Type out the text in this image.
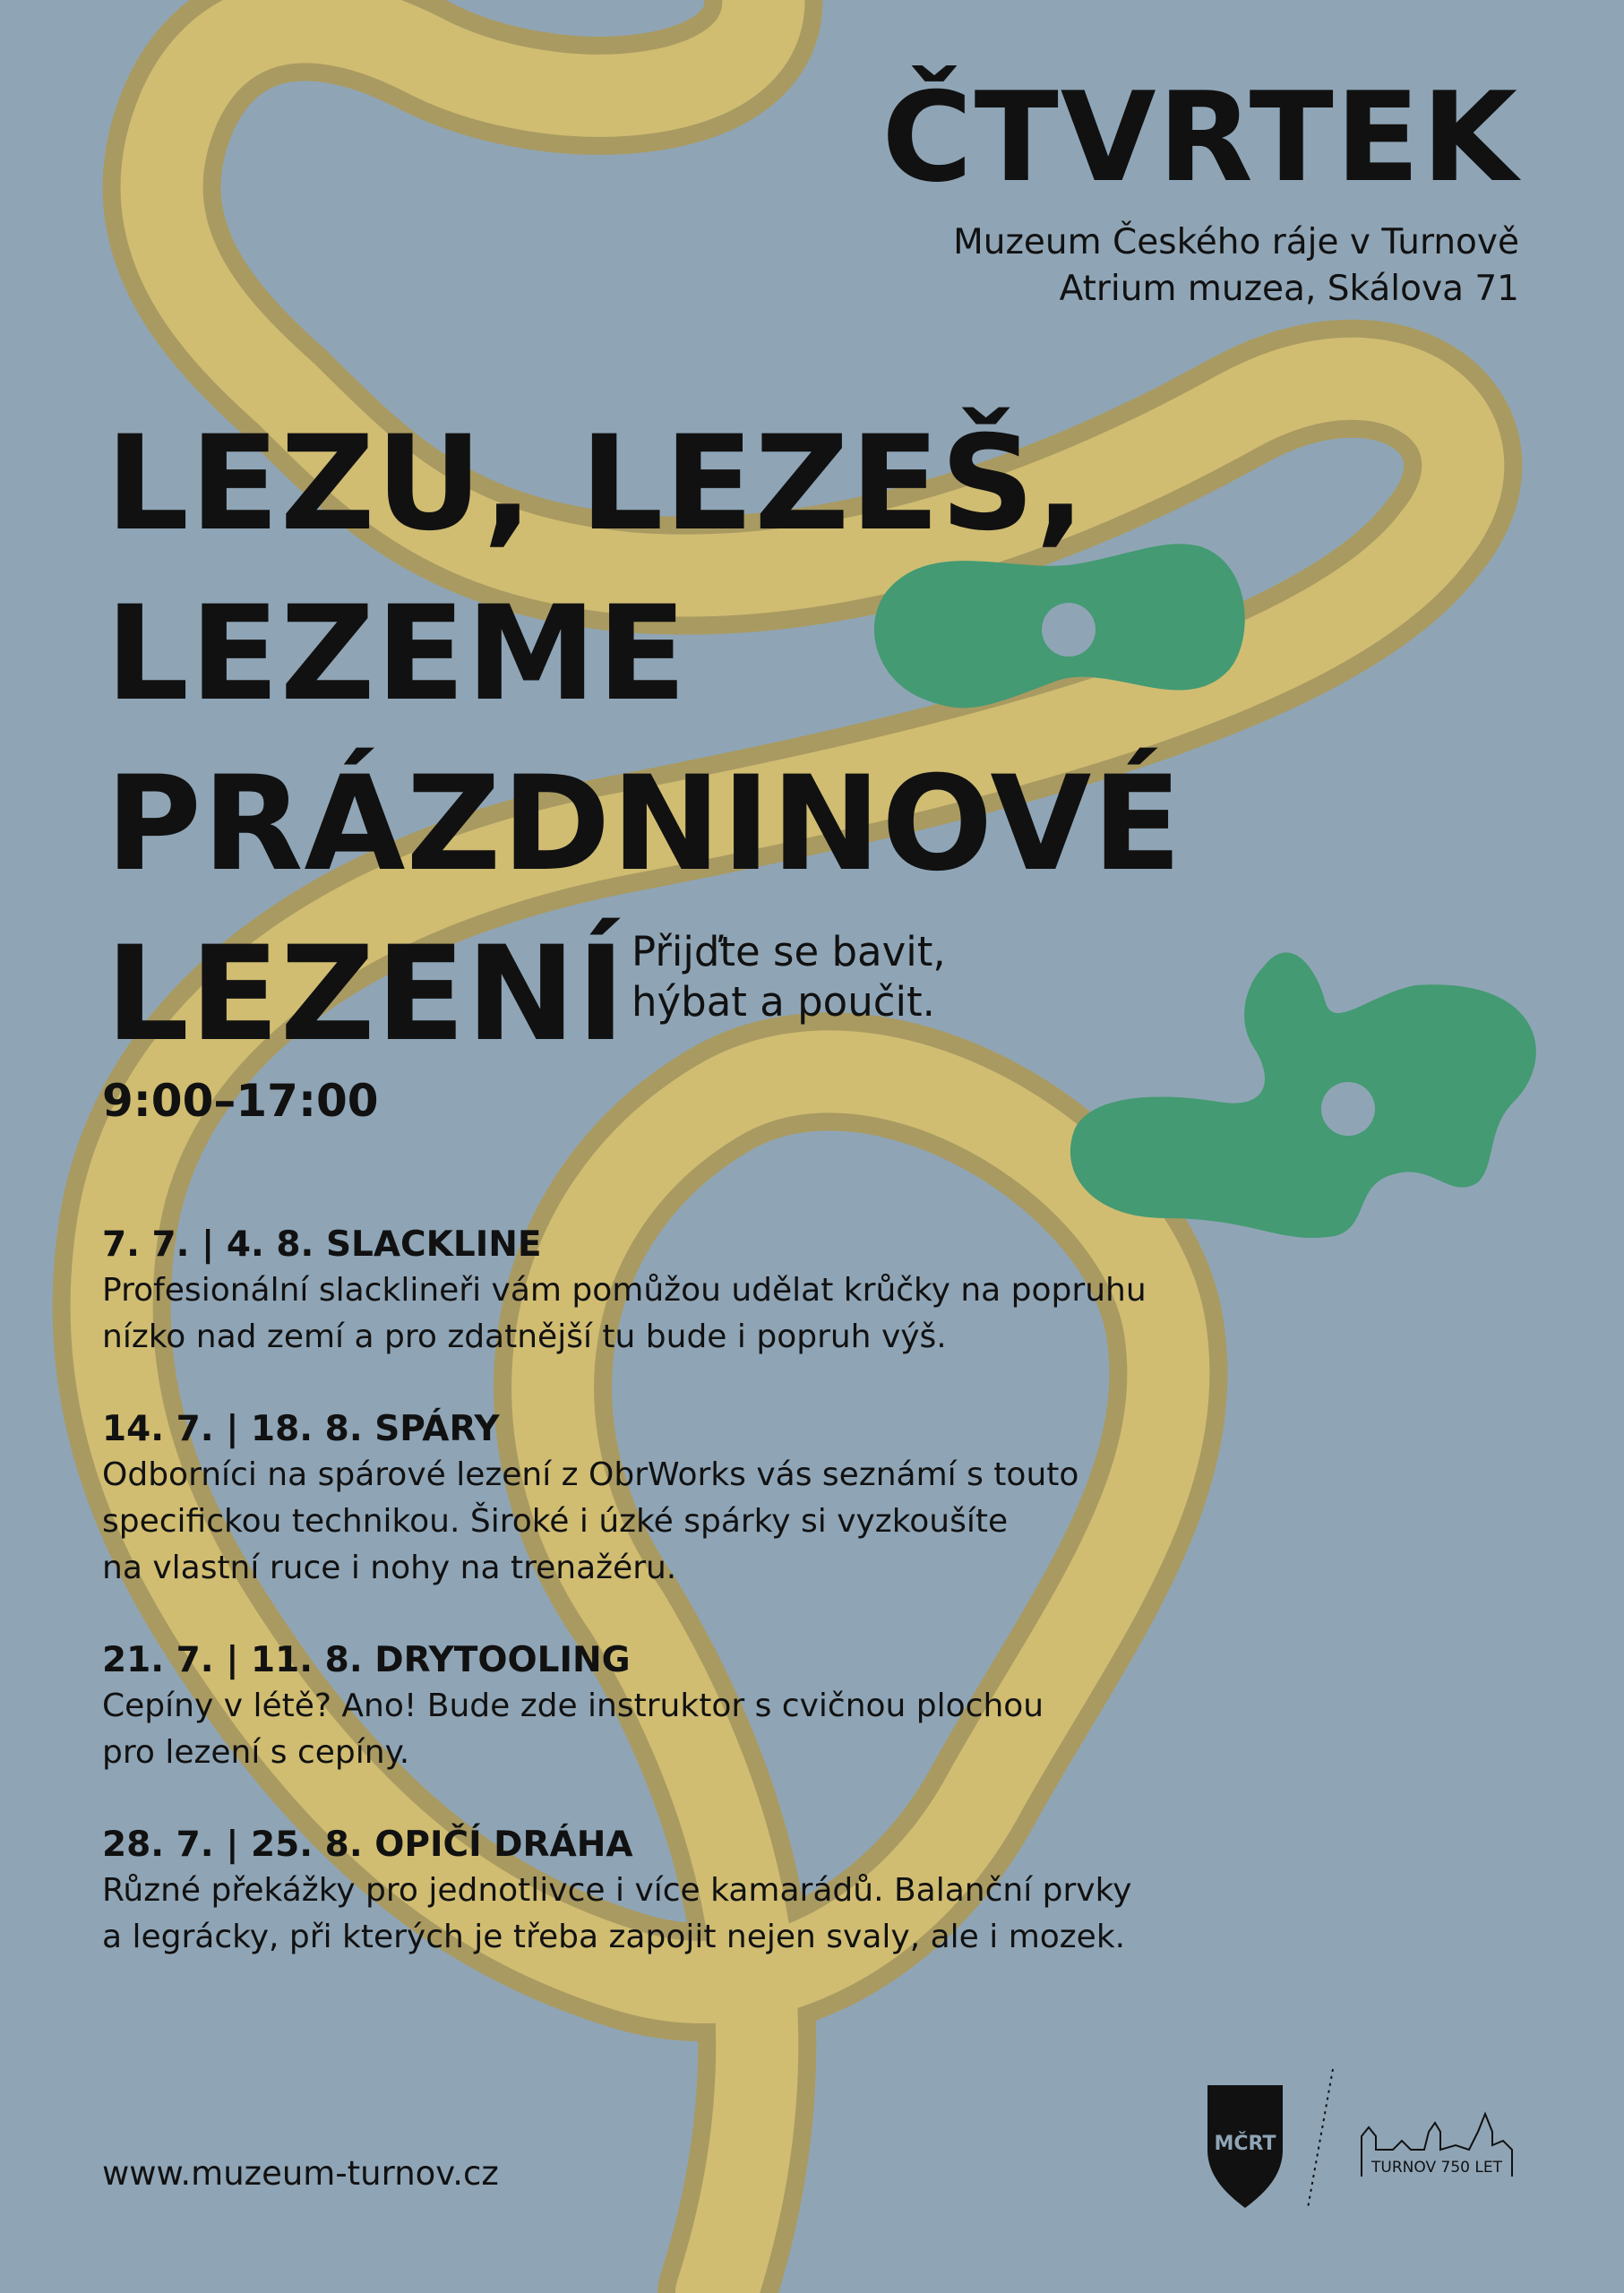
ČTVRTEK
Muzeum Českého ráje v Turnově
Atrium muzea, Skálova 71
LEZU, LEZEŠ,
LEZEME
PRÁZDNINOVÉ
LEZENÍ Přijďte se bavit,
hýbat a poučit.
9:00–17:00
7. 7. | 4. 8. SLACKLINE
Profesionální slacklineři vám pomůžou udělat krůčky na popruhu
nízko nad zemí a pro zdatnější tu bude i popruh výš.
14. 7. | 18. 8. SPÁRY
Odborníci na spárové lezení z ObrWorks vás seznámí s touto
specifickou technikou. Široké i úzké spárky si vyzkoušíte
na vlastní ruce i nohy na trenažéru.
21. 7. | 11. 8. DRYTOOLING
Cepíny v létě? Ano! Bude zde instruktor s cvičnou plochou
pro lezení s cepíny.
28. 7. | 25. 8. OPIČÍ DRÁHA
Různé překážky pro jednotlivce i více kamarádů. Balanční prvky
a legrácky, při kterých je třeba zapojit nejen svaly, ale i mozek.
www.muzeum-turnov.cz
MČRT
TURNOV 750 LET
